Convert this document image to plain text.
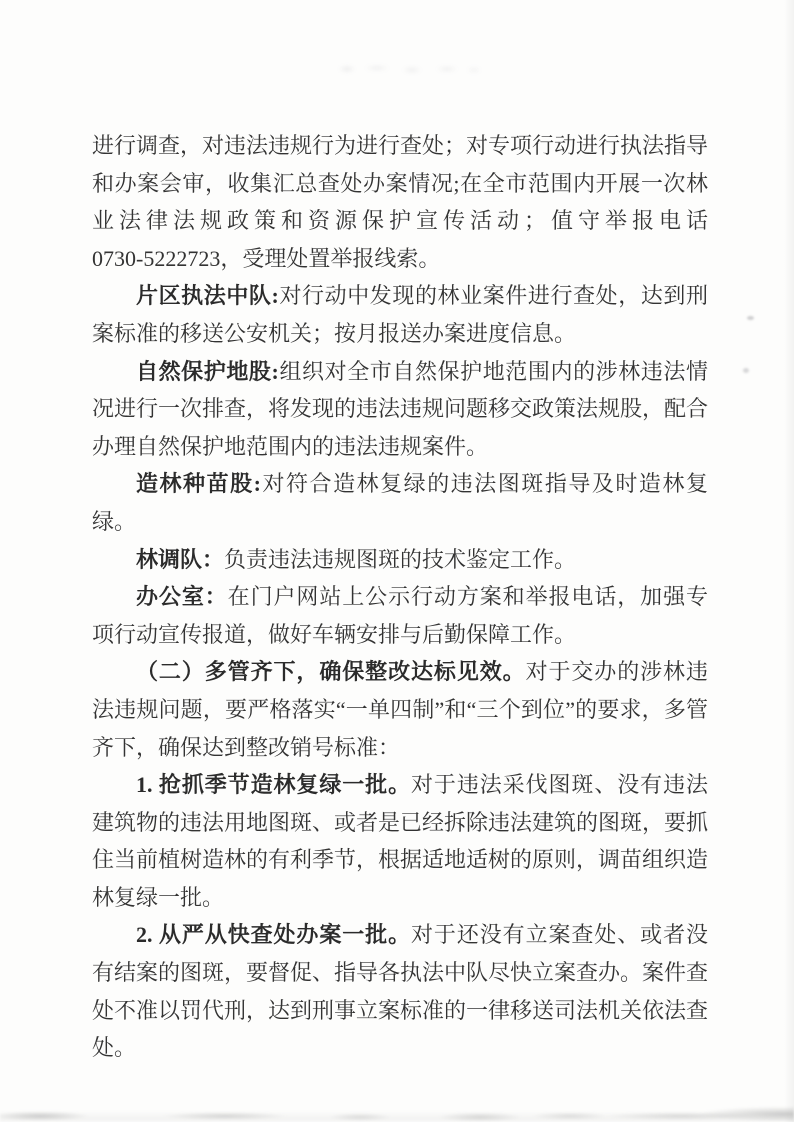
进行调查，对违法违规行为进行查处；对专项行动进行执法指导和办案会审，收集汇总查处办案情况;在全市范围内开展一次林业法律法规政策和资源保护宣传活动；值守举报电话0730-5222723，受理处置举报线索。

片区执法中队:对行动中发现的林业案件进行查处，达到刑案标准的移送公安机关；按月报送办案进度信息。

自然保护地股:组织对全市自然保护地范围内的涉林违法情况进行一次排查，将发现的违法违规问题移交政策法规股，配合办理自然保护地范围内的违法违规案件。

造林种苗股:对符合造林复绿的违法图斑指导及时造林复绿。

林调队：负责违法违规图斑的技术鉴定工作。

办公室：在门户网站上公示行动方案和举报电话，加强专项行动宣传报道，做好车辆安排与后勤保障工作。

（二）多管齐下，确保整改达标见效。对于交办的涉林违法违规问题，要严格落实“一单四制”和“三个到位”的要求，多管齐下，确保达到整改销号标准：

1. 抢抓季节造林复绿一批。对于违法采伐图斑、没有违法建筑物的违法用地图斑、或者是已经拆除违法建筑的图斑，要抓住当前植树造林的有利季节，根据适地适树的原则，调苗组织造林复绿一批。

2. 从严从快查处办案一批。对于还没有立案查处、或者没有结案的图斑，要督促、指导各执法中队尽快立案查办。案件查处不准以罚代刑，达到刑事立案标准的一律移送司法机关依法查处。
